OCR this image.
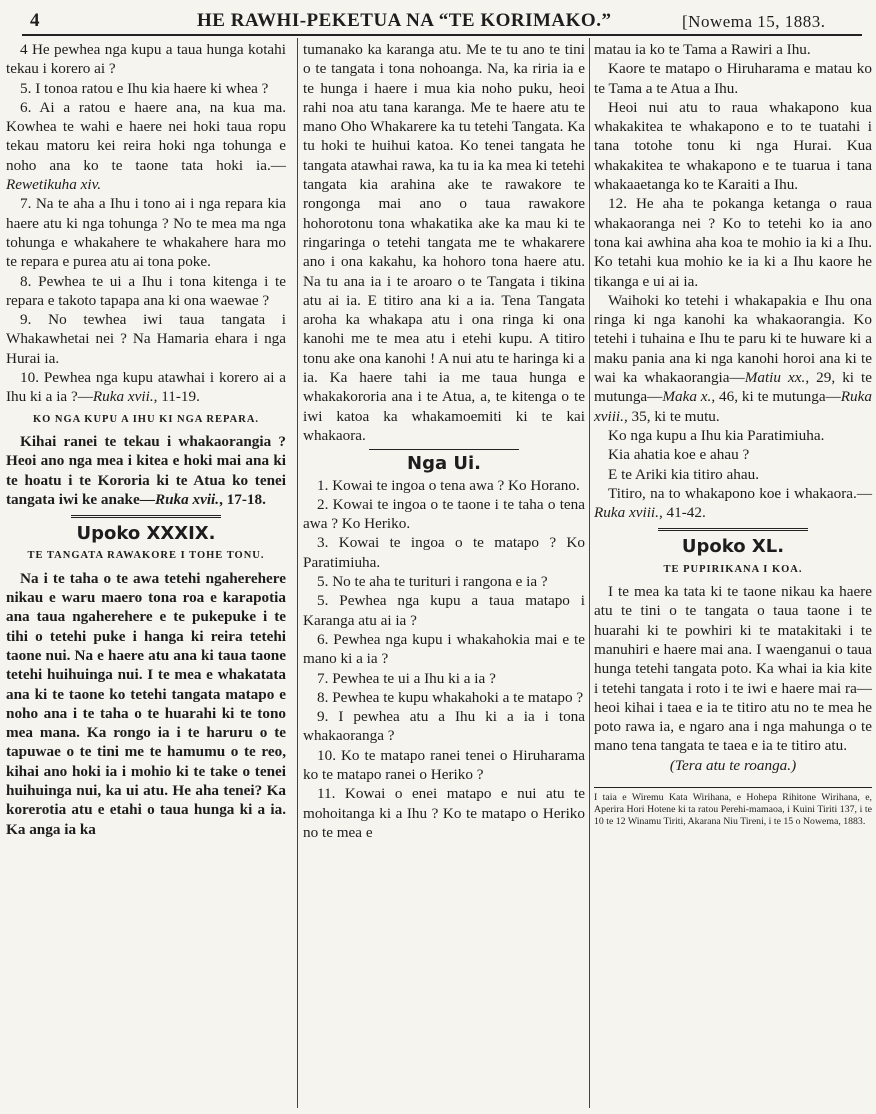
4	HE RAWHI-PEKETUA NA “TE KORIMAKO.”	[Nowema 15, 1883.

4 He pewhea nga kupu a taua hunga kotahi tekau i korero ai ?

5. I tonoa ratou e Ihu kia haere ki whea ?

6. Ai a ratou e haere ana, na kua ma. Kowhea te wahi e haere nei hoki taua ropu tekau matoru kei reira hoki nga tohunga e noho ana ko te taone tata hoki ia.—Rewetikuha xiv.

7. Na te aha a Ihu i tono ai i nga repara kia haere atu ki nga tohunga ? No te mea ma nga tohunga e whakahere te whakahere hara mo te repara e purea atu ai tona poke.

8. Pewhea te ui a Ihu i tona kitenga i te repara e takoto tapapa ana ki ona waewae ?

9. No tewhea iwi taua tangata i Whakawhetai nei ? Na Hamaria ehara i nga Hurai ia.

10. Pewhea nga kupu atawhai i korero ai a Ihu ki a ia ?—Ruka xvii., 11-19.

KO NGA KUPU A IHU KI NGA REPARA.

Kihai ranei te tekau i whakaorangia ? Heoi ano nga mea i kitea e hoki mai ana ki te hoatu i te Kororia ki te Atua ko tenei tangata iwi ke anake—Ruka xvii., 17-18.

Upoko XXXIX.

TE TANGATA RAWAKORE I TOHE TONU.

Na i te taha o te awa tetehi ngaherehere nikau e waru maero tona roa e karapotia ana taua ngaherehere e te pukepuke i te tihi o tetehi puke i hanga ki reira tetehi taone nui. Na e haere atu ana ki taua taone tetehi huihuinga nui. I te mea e whakatata ana ki te taone ko tetehi tangata matapo e noho ana i te taha o te huarahi ki te tono mea mana. Ka rongo ia i te haruru o te tapuwae o te tini me te hamumu o te reo, kihai ano hoki ia i mohio ki te take o tenei huihuinga nui, ka ui atu. He aha tenei? Ka korerotia atu e etahi o taua hunga ki a ia. Ka anga ia ka

tumanako ka karanga atu. Me te tu ano te tini o te tangata i tona nohoanga. Na, ka riria ia e te hunga i haere i mua kia noho puku, heoi rahi noa atu tana karanga. Me te haere atu te mano Oho Whakarere ka tu tetehi Tangata. Ka tu hoki te huihui katoa. Ko tenei tangata he tangata atawhai rawa, ka tu ia ka mea ki tetehi tangata kia arahina ake te rawakore te rongonga mai ano o taua rawakore hohorotonu tona whakatika ake ka mau ki te ringaringa o tetehi tangata me te whakarere ano i ona kakahu, ka hohoro tona haere atu. Na tu ana ia i te aroaro o te Tangata i tikina atu ai ia. E titiro ana ki a ia. Tena Tangata aroha ka whakapa atu i ona ringa ki ona kanohi me te mea atu i etehi kupu. A titiro tonu ake ona kanohi ! A nui atu te haringa ki a ia. Ka haere tahi ia me taua hunga e whakakororia ana i te Atua, a, te kitenga o te iwi katoa ka whakamoemiti ki te kai whakaora.

Nga Ui.

1. Kowai te ingoa o tena awa ? Ko Horano.

2. Kowai te ingoa o te taone i te taha o tena awa ? Ko Heriko.

3. Kowai te ingoa o te matapo ? Ko Paratimiuha.

5. No te aha te turituri i rangona e ia ?

5. Pewhea nga kupu a taua matapo i Karanga atu ai ia ?

6. Pewhea nga kupu i whakahokia mai e te mano ki a ia ?

7. Pewhea te ui a Ihu ki a ia ?

8. Pewhea te kupu whakahoki a te matapo ?

9. I pewhea atu a Ihu ki a ia i tona whakaoranga ?

10. Ko te matapo ranei tenei o Hiruharama ko te matapo ranei o Heriko ?

11. Kowai o enei matapo e nui atu te mohoitanga ki a Ihu ? Ko te matapo o Heriko no te mea e

matau ia ko te Tama a Rawiri a Ihu.

Kaore te matapo o Hiruharama e matau ko te Tama a te Atua a Ihu.

Heoi nui atu to raua whakapono kua whakakitea te whakapono e to te tuatahi i tana totohe tonu ki nga Hurai. Kua whakakitea te whakapono e te tuarua i tana whakaaetanga ko te Karaiti a Ihu.

12. He aha te pokanga ketanga o raua whakaoranga nei ? Ko to tetehi ko ia ano tona kai awhina aha koa te mohio ia ki a Ihu. Ko tetahi kua mohio ke ia ki a Ihu kaore he tikanga e ui ai ia.

Waihoki ko tetehi i whakapakia e Ihu ona ringa ki nga kanohi ka whakaorangia. Ko tetehi i tuhaina e Ihu te paru ki te huware ki a maku pania ana ki nga kanohi horoi ana ki te wai ka whakaorangia—Matiu xx., 29, ki te mutunga—Maka x., 46, ki te mutunga—Ruka xviii., 35, ki te mutu.

Ko nga kupu a Ihu kia Paratimiuha.

Kia ahatia koe e ahau ?

E te Ariki kia titiro ahau.

Titiro, na to whakapono koe i whakaora.—Ruka xviii., 41-42.

Upoko XL.

TE PUPIRIKANA I KOA.

I te mea ka tata ki te taone nikau ka haere atu te tini o te tangata o taua taone i te huarahi ki te powhiri ki te matakitaki i te manuhiri e haere mai ana. I waenganui o taua hunga tetehi tangata poto. Ka whai ia kia kite i tetehi tangata i roto i te iwi e haere mai ra—heoi kihai i taea e ia te titiro atu no te mea he poto rawa ia, e ngaro ana i nga mahunga o te mano tena tangata te taea e ia te titiro atu.

(Tera atu te roanga.)

I taia e Wiremu Kata Wirihana, e Hohepa Rihitone Wirihana, e, Aperira Hori Hotene ki ta ratou Perehi-mamaoa, i Kuini Tiriti 137, i te 10 te 12 Winamu Tiriti, Akarana Niu Tireni, i te 15 o Nowema, 1883.
